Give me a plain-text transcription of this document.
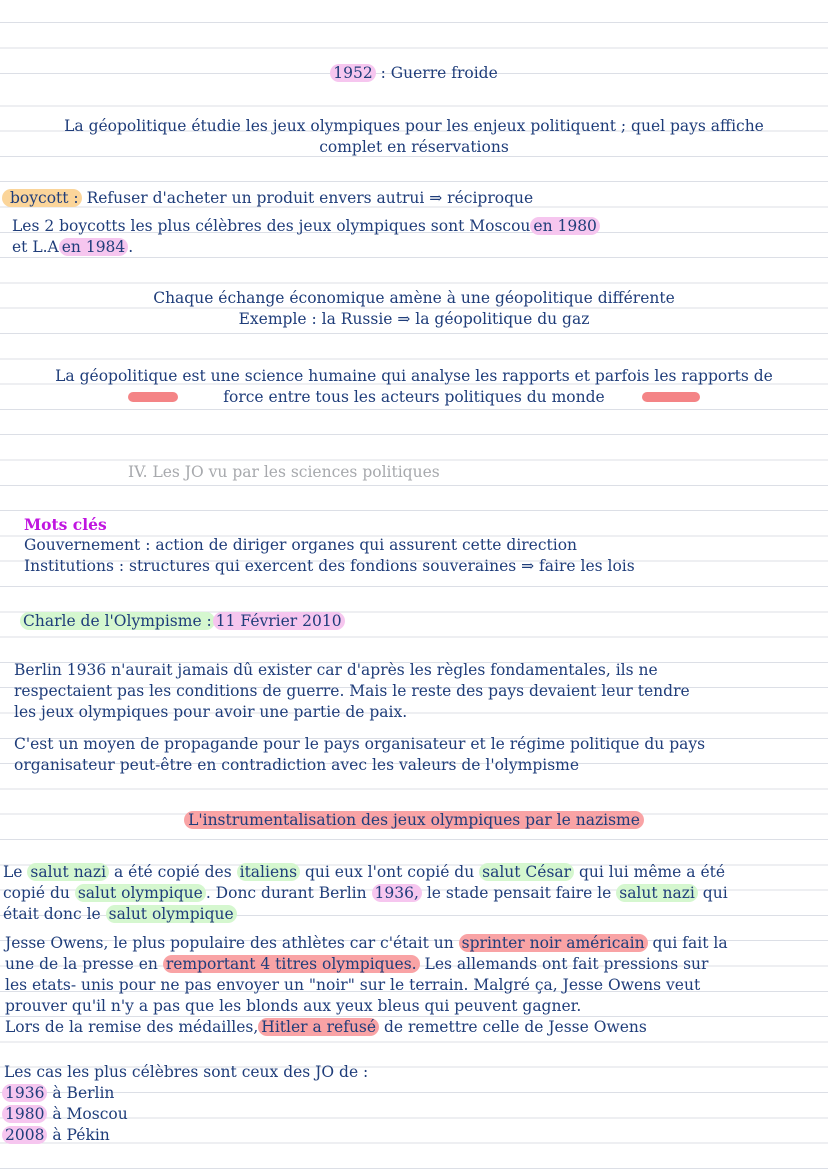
1952 : Guerre froide
La géopolitique étudie les jeux olympiques pour les enjeux politiquent ; quel pays affiche
complet en réservations
boycott : Refuser d'acheter un produit envers autrui ⇒ réciproque
Les 2 boycotts les plus célèbres des jeux olympiques sont Moscou en 1980
et L.A en 1984 .
Chaque échange économique amène à une géopolitique différente
Exemple : la Russie ⇒ la géopolitique du gaz
La géopolitique est une science humaine qui analyse les rapports et parfois les rapports de
force entre tous les acteurs politiques du monde
IV. Les JO vu par les sciences politiques
Mots clés
Gouvernement : action de diriger organes qui assurent cette direction
Institutions : structures qui exercent des fondions souveraines ⇒ faire les lois
Charle de l'Olympisme : 11 Février 2010
Berlin 1936 n'aurait jamais dû exister car d'après les règles fondamentales, ils ne
respectaient pas les conditions de guerre. Mais le reste des pays devaient leur tendre
les jeux olympiques pour avoir une partie de paix.
C'est un moyen de propagande pour le pays organisateur et le régime politique du pays
organisateur peut-être en contradiction avec les valeurs de l'olympisme
L'instrumentalisation des jeux olympiques par le nazisme
Le salut nazi a été copié des italiens qui eux l'ont copié du salut César qui lui même a été
copié du salut olympique . Donc durant Berlin 1936, le stade pensait faire le salut nazi qui
était donc le salut olympique
Jesse Owens, le plus populaire des athlètes car c'était un sprinter noir américain qui fait la
une de la presse en remportant 4 titres olympiques. Les allemands ont fait pressions sur
les etats- unis pour ne pas envoyer un "noir" sur le terrain. Malgré ça, Jesse Owens veut
prouver qu'il n'y a pas que les blonds aux yeux bleus qui peuvent gagner.
Lors de la remise des médailles, Hitler a refusé de remettre celle de Jesse Owens
Les cas les plus célèbres sont ceux des JO de :
1936 à Berlin
1980 à Moscou
2008 à Pékin
